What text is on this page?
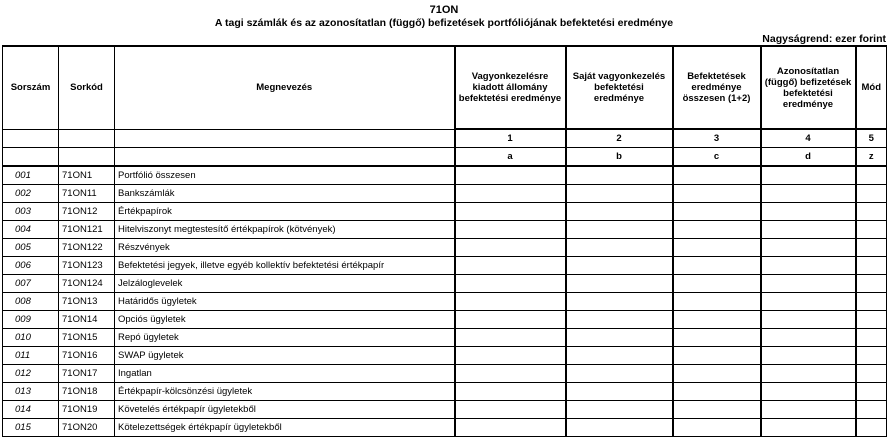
71ON
A tagi számlák és az azonosítatlan (függő) befizetések portfóliójának befektetési eredménye
Nagyságrend: ezer forint
Sorszám	Sorkód	Megnevezés	Vagyonkezelésre kiadott állomány befektetési eredménye	Saját vagyonkezelés befektetési eredménye	Befektetések eredménye összesen (1+2)	Azonosítatlan (függő) befizetések befektetési eredménye	Mód
			1	2	3	4	5
			a	b	c	d	z
001	71ON1	Portfólió összesen					
002	71ON11	Bankszámlák					
003	71ON12	Értékpapírok					
004	71ON121	Hitelviszonyt megtestesítő értékpapírok (kötvények)					
005	71ON122	Részvények					
006	71ON123	Befektetési jegyek, illetve egyéb kollektív befektetési értékpapír					
007	71ON124	Jelzáloglevelek					
008	71ON13	Határidős ügyletek					
009	71ON14	Opciós ügyletek					
010	71ON15	Repó ügyletek					
011	71ON16	SWAP ügyletek					
012	71ON17	Ingatlan					
013	71ON18	Értékpapír-kölcsönzési ügyletek					
014	71ON19	Követelés értékpapír ügyletekből					
015	71ON20	Kötelezettségek értékpapír ügyletekből					
